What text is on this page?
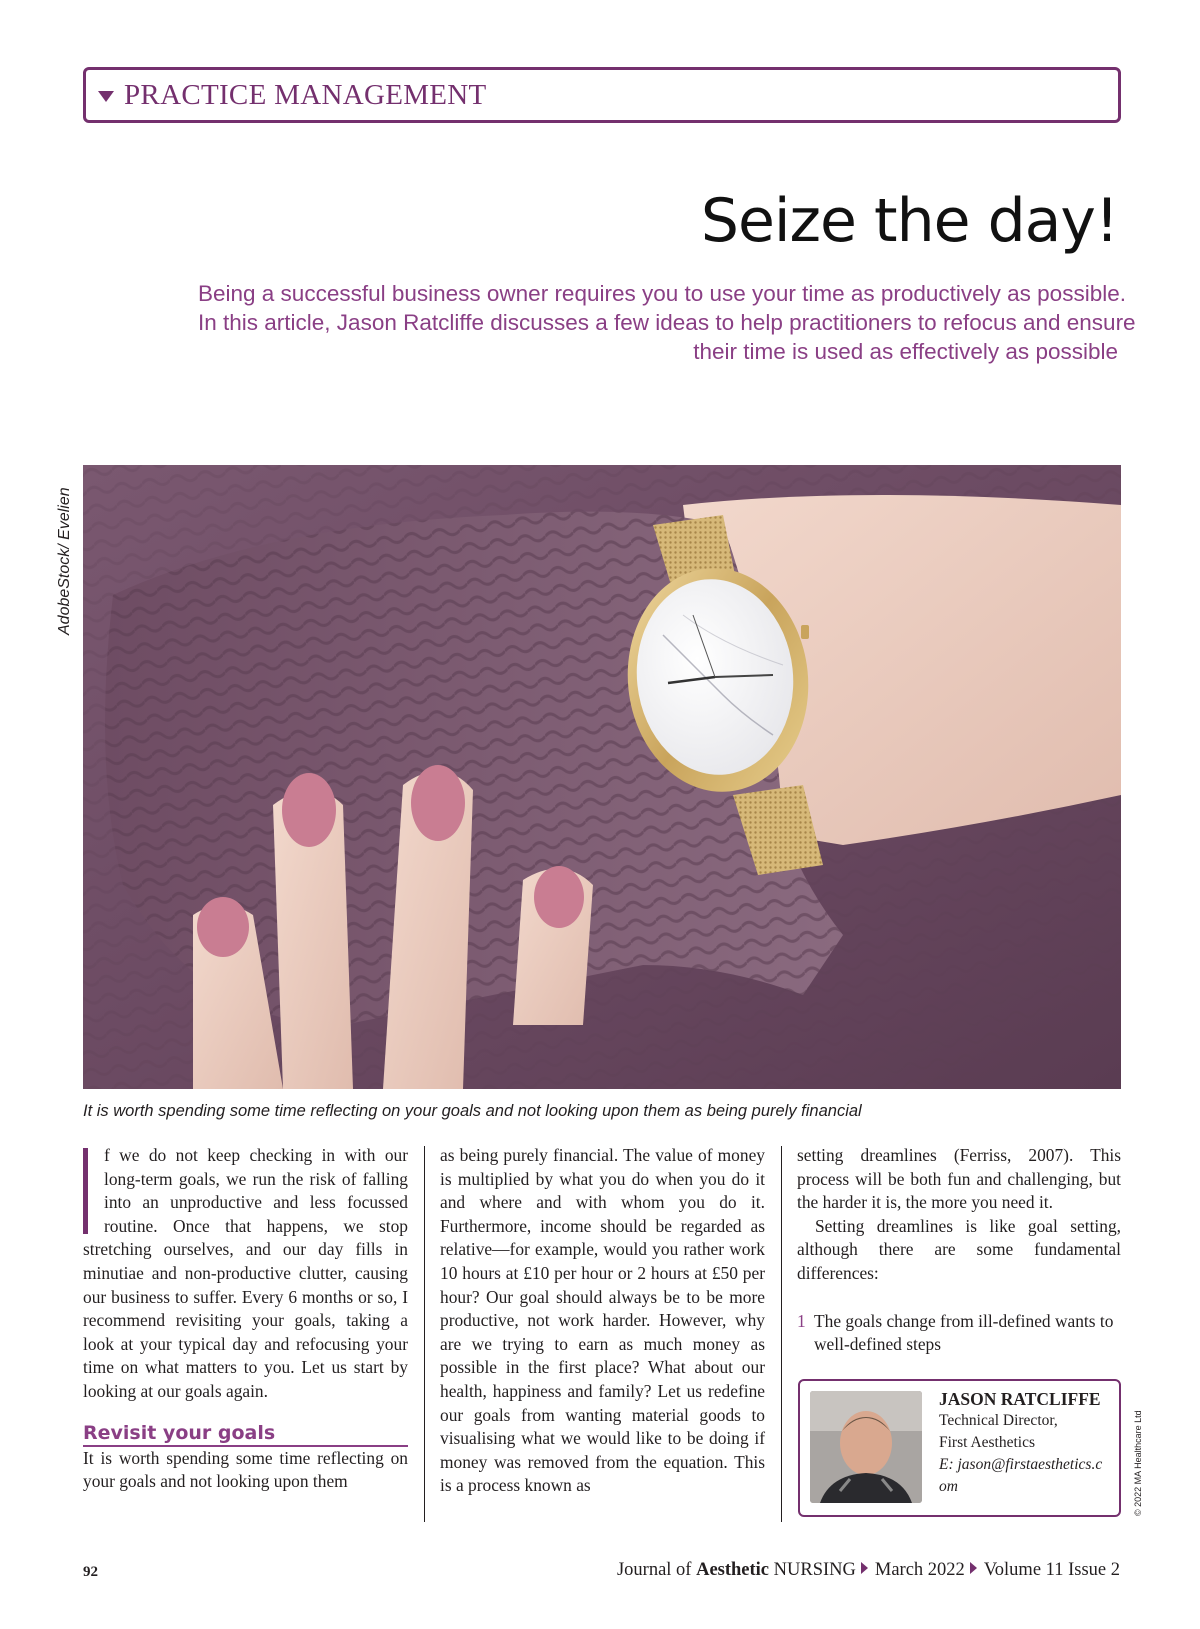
PRACTICE MANAGEMENT
Seize the day!
Being a successful business owner requires you to use your time as productively as possible.
In this article, Jason Ratcliffe discusses a few ideas to help practitioners to refocus and ensure
their time is used as effectively as possible
AdobeStock/ Evelien
It is worth spending some time reflecting on your goals and not looking upon them as being purely financial

f we do not keep checking in with our long-term goals, we run the risk of falling into an unproductive and less focussed routine. Once that happens, we stop stretching ourselves, and our day fills in minutiae and non-productive clutter, causing our business to suffer. Every 6 months or so, I recommend revisiting your goals, taking a look at your typical day and refocusing your time on what matters to you. Let us start by looking at our goals again.

Revisit your goals

It is worth spending some time reflecting on your goals and not looking upon them

as being purely financial. The value of money is multiplied by what you do when you do it and where and with whom you do it. Furthermore, income should be regarded as relative—for example, would you rather work 10 hours at £10 per hour or 2 hours at £50 per hour? Our goal should always be to be more productive, not work harder. However, why are we trying to earn as much money as possible in the first place? What about our health, happiness and family? Let us redefine our goals from wanting material goods to visualising what we would like to be doing if money was removed from the equation. This is a process known as

setting dreamlines (Ferriss, 2007). This process will be both fun and challenging, but the harder it is, the more you need it.

Setting dreamlines is like goal setting, although there are some fundamental differences:

1 The goals change from ill-defined wants to well-defined steps
JASON RATCLIFFE
Technical Director,
First Aesthetics
E: jason@firstaesthetics.com	© 2022 MA Healthcare Ltd
92	Journal of Aesthetic NURSING March 2022 Volume 11 Issue 2
